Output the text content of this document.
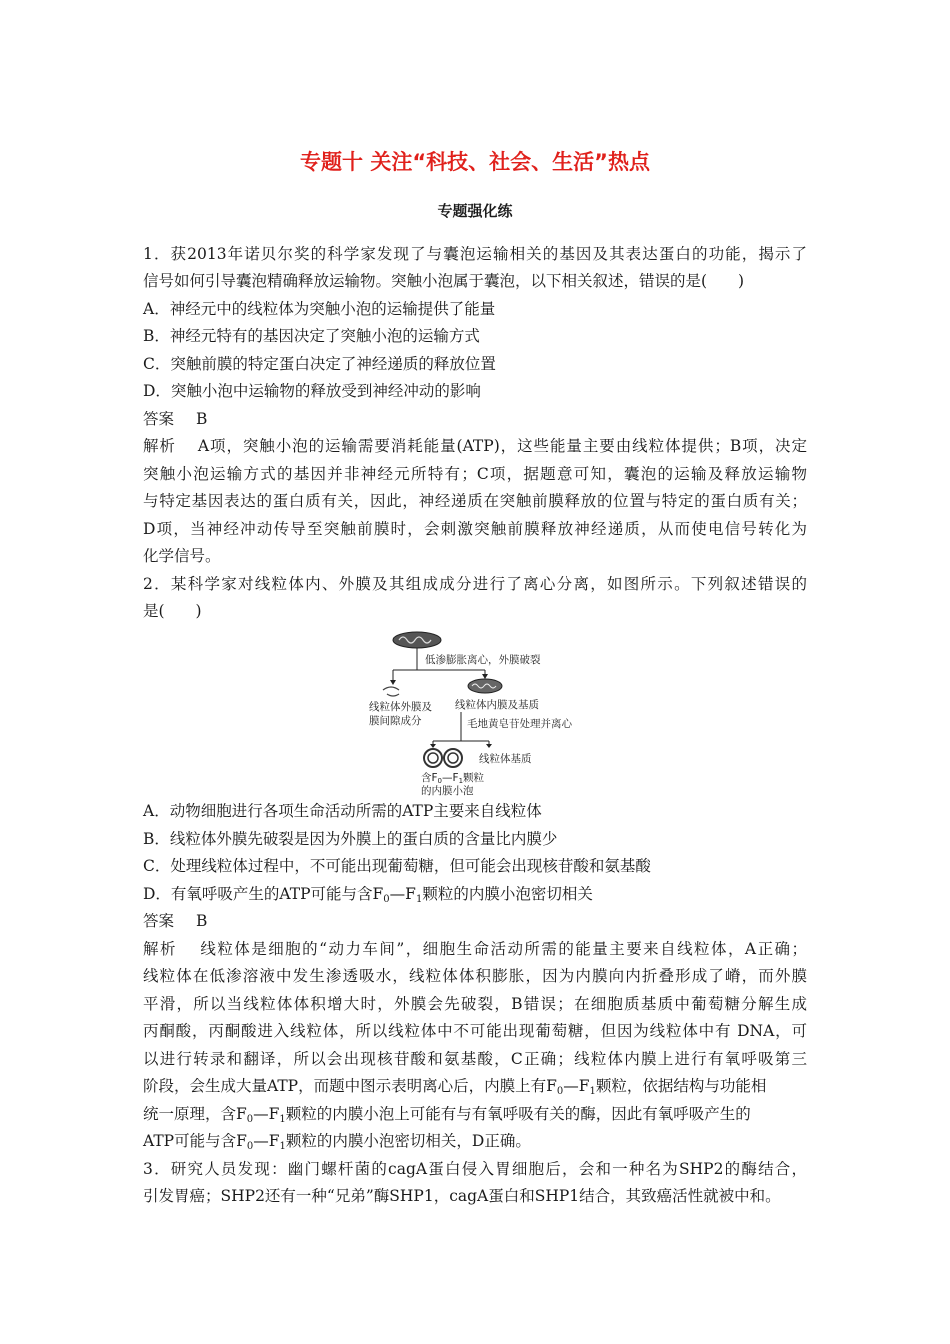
专题十 关注“科技、社会、生活”热点
专题强化练
1．获2013年诺贝尔奖的科学家发现了与囊泡运输相关的基因及其表达蛋白的功能，揭示了
信号如何引导囊泡精确释放运输物。突触小泡属于囊泡，以下相关叙述，错误的是(　　)
A．神经元中的线粒体为突触小泡的运输提供了能量
B．神经元特有的基因决定了突触小泡的运输方式
C．突触前膜的特定蛋白决定了神经递质的释放位置
D．突触小泡中运输物的释放受到神经冲动的影响
答案 B
解析 A项，突触小泡的运输需要消耗能量(ATP)，这些能量主要由线粒体提供；B项，决定
突触小泡运输方式的基因并非神经元所特有；C项，据题意可知，囊泡的运输及释放运输物
与特定基因表达的蛋白质有关，因此，神经递质在突触前膜释放的位置与特定的蛋白质有关；
D项，当神经冲动传导至突触前膜时，会刺激突触前膜释放神经递质，从而使电信号转化为
化学信号。
2．某科学家对线粒体内、外膜及其组成成分进行了离心分离，如图所示。下列叙述错误的
是(　　)
低渗膨胀离心，外膜破裂
线粒体外膜及
膜间隙成分
线粒体内膜及基质
毛地黄皂苷处理并离心
线粒体基质
含F0—F1颗粒
的内膜小泡
A．动物细胞进行各项生命活动所需的ATP主要来自线粒体
B．线粒体外膜先破裂是因为外膜上的蛋白质的含量比内膜少
C．处理线粒体过程中，不可能出现葡萄糖，但可能会出现核苷酸和氨基酸
D．有氧呼吸产生的ATP可能与含$F_0—F_1$颗粒的内膜小泡密切相关
答案 B
解析 线粒体是细胞的“动力车间”，细胞生命活动所需的能量主要来自线粒体，A正确；
线粒体在低渗溶液中发生渗透吸水，线粒体体积膨胀，因为内膜向内折叠形成了嵴，而外膜
平滑，所以当线粒体体积增大时，外膜会先破裂，B错误；在细胞质基质中葡萄糖分解生成
丙酮酸，丙酮酸进入线粒体，所以线粒体中不可能出现葡萄糖，但因为线粒体中有 DNA，可
以进行转录和翻译，所以会出现核苷酸和氨基酸，C正确；线粒体内膜上进行有氧呼吸第三
阶段，会生成大量ATP，而题中图示表明离心后，内膜上有$F_0—F_1$颗粒，依据结构与功能相
统一原理，含$F_0—F_1$颗粒的内膜小泡上可能有与有氧呼吸有关的酶，因此有氧呼吸产生的
ATP可能与含$F_0—F_1$颗粒的内膜小泡密切相关，D正确。
3．研究人员发现：幽门螺杆菌的cagA蛋白侵入胃细胞后，会和一种名为SHP2的酶结合，
引发胃癌；SHP2还有一种“兄弟”酶SHP1，cagA蛋白和SHP1结合，其致癌活性就被中和。
